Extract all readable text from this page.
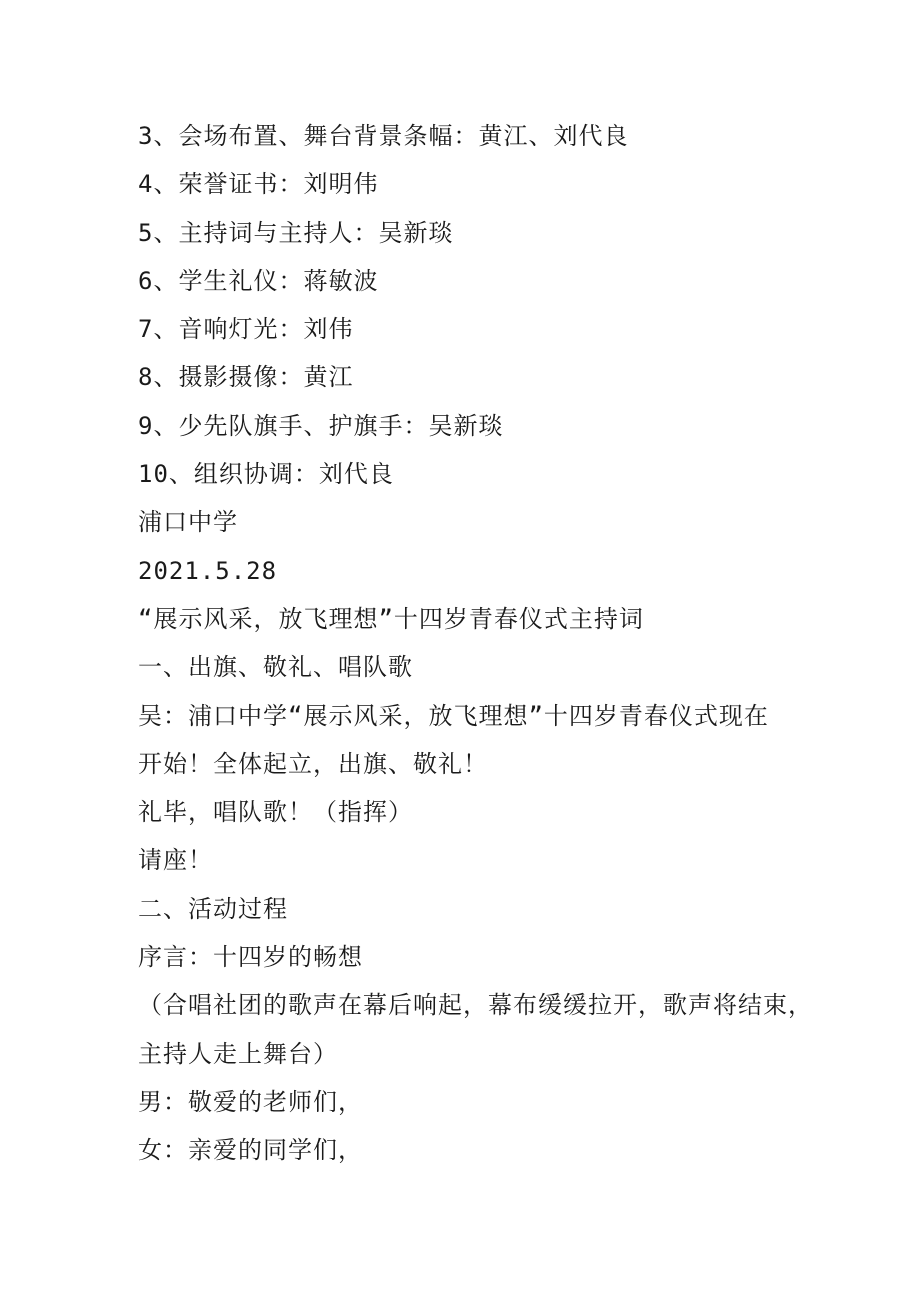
3、会场布置、舞台背景条幅：黄江、刘代良
4、荣誉证书：刘明伟
5、主持词与主持人：吴新琰
6、学生礼仪：蒋敏波
7、音响灯光：刘伟
8、摄影摄像：黄江
9、少先队旗手、护旗手：吴新琰
10、组织协调：刘代良
浦口中学
2021.5.28
“展示风采，放飞理想”十四岁青春仪式主持词
一、出旗、敬礼、唱队歌
吴：浦口中学“展示风采，放飞理想”十四岁青春仪式现在
开始！全体起立，出旗、敬礼！
礼毕，唱队歌！（指挥）
请座！
二、活动过程
序言：十四岁的畅想
（合唱社团的歌声在幕后响起，幕布缓缓拉开，歌声将结束，
主持人走上舞台）
男：敬爱的老师们，
女：亲爱的同学们，
